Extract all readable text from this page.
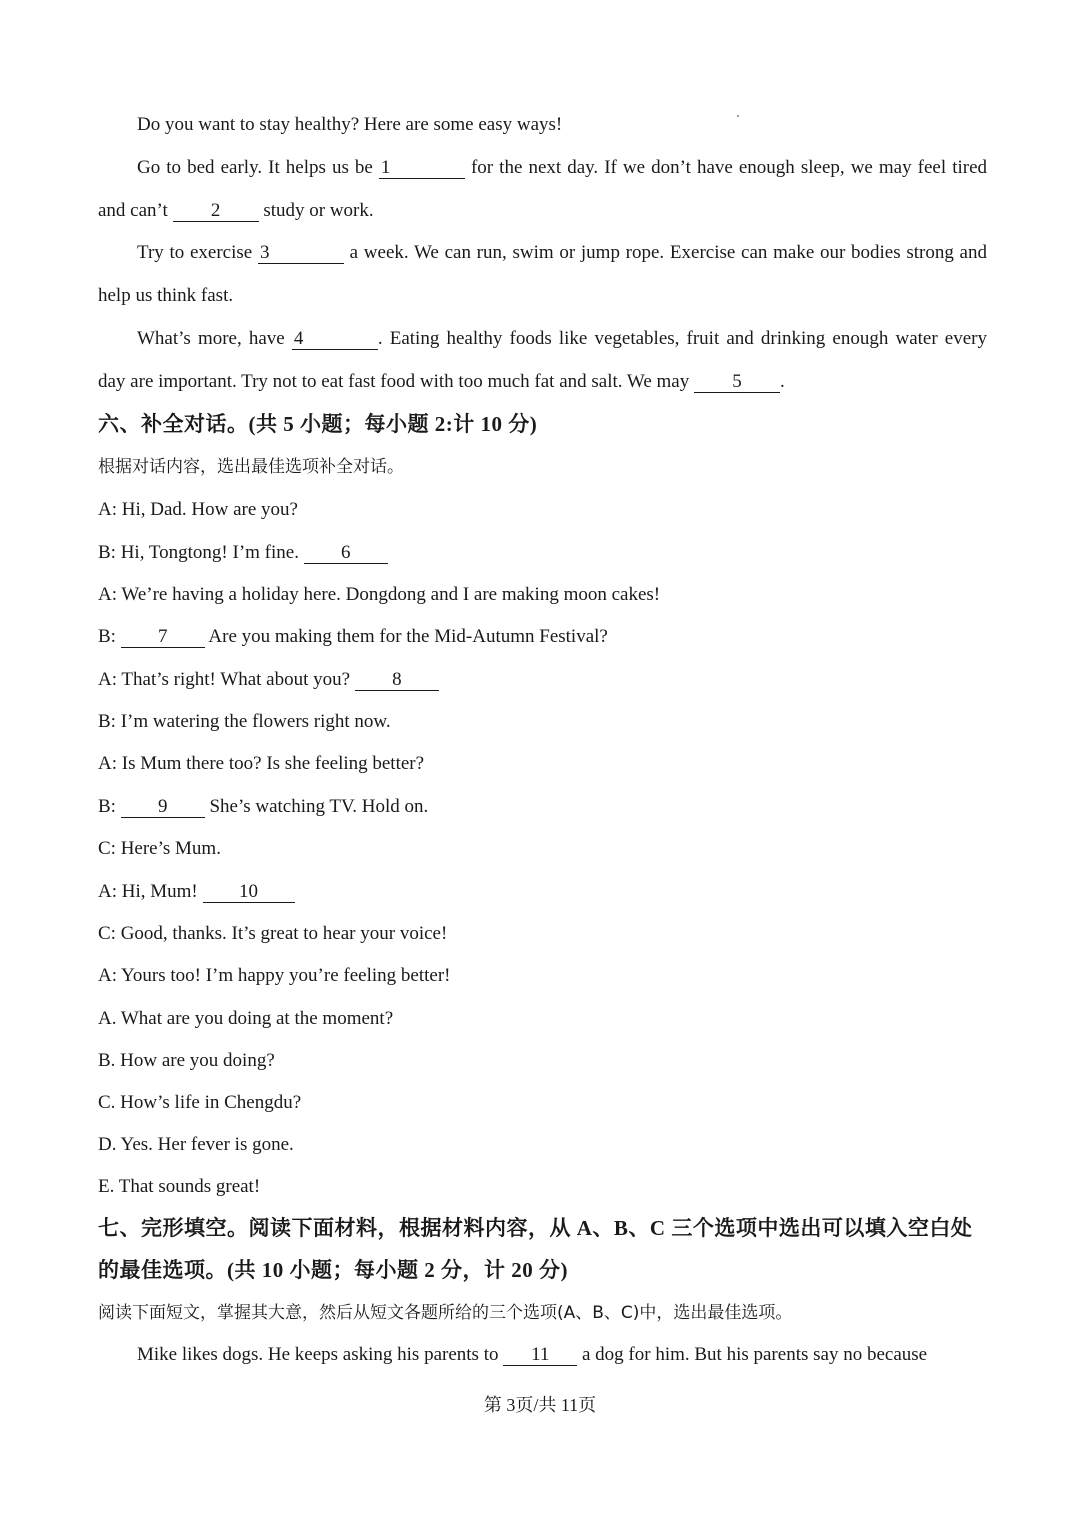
Do you want to stay healthy? Here are some easy ways!
Go to bed early. It helps us be 1	for the next day. If we don’t have enough sleep, we may feel tired
and can’t 2 study or work.
Try to exercise 3	a week. We can run, swim or jump rope. Exercise can make our bodies strong and
help us think fast.
What’s more, have 4	. Eating healthy foods like vegetables, fruit and drinking enough water every
day are important. Try not to eat fast food with too much fat and salt. We may 5 .
六、补全对话。(共 5 小题；每小题 2:计 10 分)
根据对话内容，选出最佳选项补全对话。
A: Hi, Dad. How are you?
B: Hi, Tongtong! I’m fine. 6
A: We’re having a holiday here. Dongdong and I are making moon cakes!
B: 7 Are you making them for the Mid-Autumn Festival?
A: That’s right! What about you? 8
B: I’m watering the flowers right now.
A: Is Mum there too? Is she feeling better?
B: 9 She’s watching TV. Hold on.
C: Here’s Mum.
A: Hi, Mum! 10
C: Good, thanks. It’s great to hear your voice!
A: Yours too! I’m happy you’re feeling better!
A. What are you doing at the moment?
B. How are you doing?
C. How’s life in Chengdu?
D. Yes. Her fever is gone.
E. That sounds great!
七、完形填空。阅读下面材料，根据材料内容，从 A、B、C 三个选项中选出可以填入空白处
的最佳选项。(共 10 小题；每小题 2 分，计 20 分)
阅读下面短文，掌握其大意，然后从短文各题所给的三个选项(A、B、C)中，选出最佳选项。
Mike likes dogs. He keeps asking his parents to 11 a dog for him. But his parents say no because
第 3页/共 11页
